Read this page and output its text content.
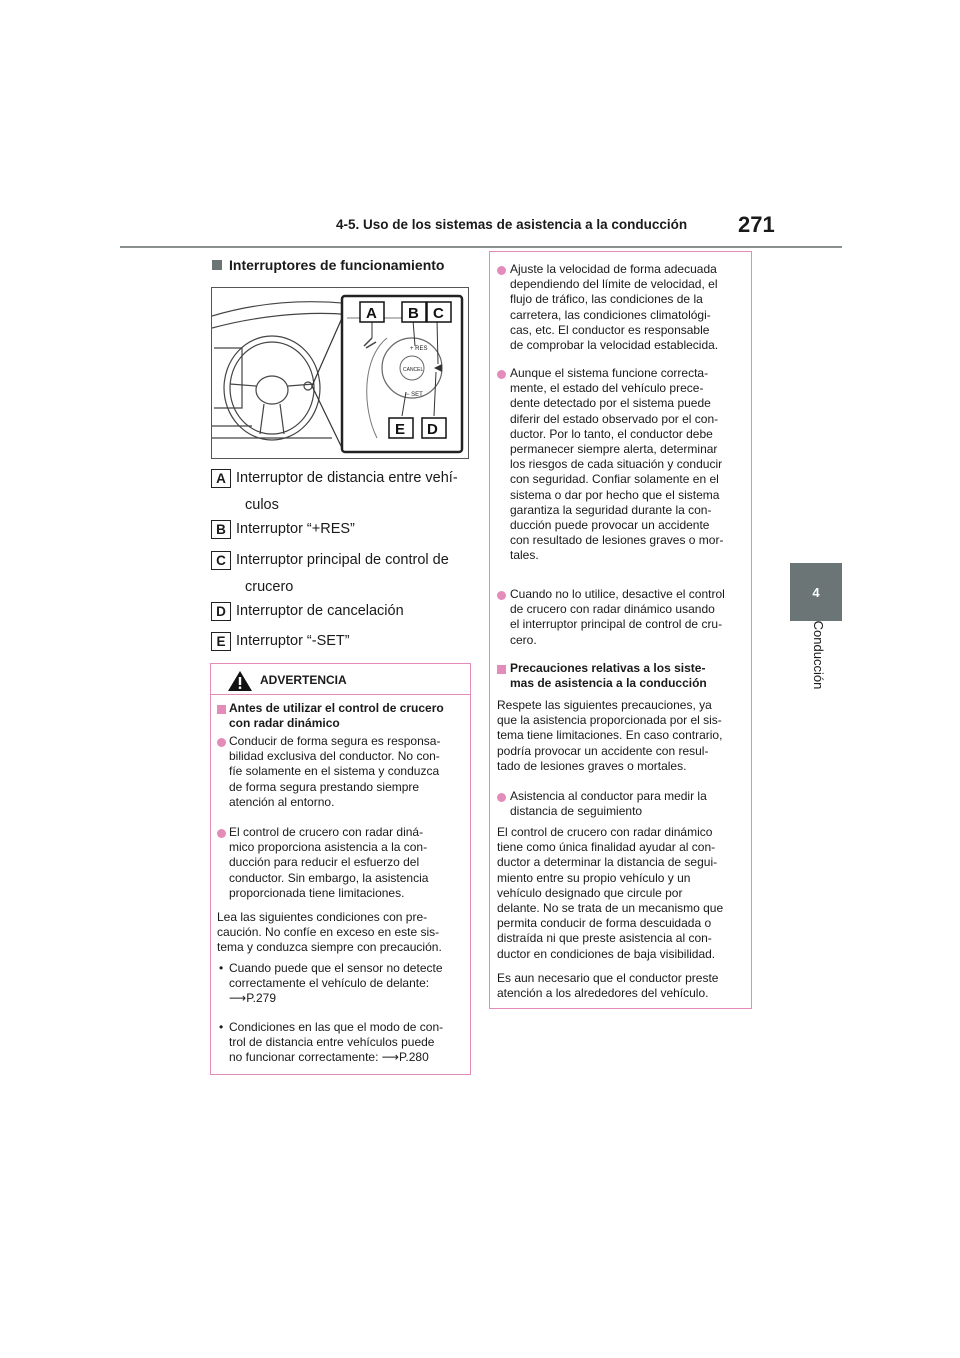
4-5. Uso de los sistemas de asistencia a la conducción 271
4
Conducción
Interruptores de funcionamiento
+ RES
CANCEL
− SET
A B C
E D
A Interruptor de distancia entre vehí-
culos
B Interruptor “+RES”
C Interruptor principal de control de
crucero
D Interruptor de cancelación
E Interruptor “-SET”
ADVERTENCIA
Antes de utilizar el control de crucero
con radar dinámico
Conducir de forma segura es responsa-
bilidad exclusiva del conductor. No con-
fíe solamente en el sistema y conduzca
de forma segura prestando siempre
atención al entorno.
El control de crucero con radar diná-
mico proporciona asistencia a la con-
ducción para reducir el esfuerzo del
conductor. Sin embargo, la asistencia
proporcionada tiene limitaciones.
Lea las siguientes condiciones con pre-
caución. No confíe en exceso en este sis-
tema y conduzca siempre con precaución.
• Cuando puede que el sensor no detecte
correctamente el vehículo de delante:
⟶P.279
• Condiciones en las que el modo de con-
trol de distancia entre vehículos puede
no funcionar correctamente: ⟶P.280
Ajuste la velocidad de forma adecuada
dependiendo del límite de velocidad, el
flujo de tráfico, las condiciones de la
carretera, las condiciones climatológi-
cas, etc. El conductor es responsable
de comprobar la velocidad establecida.
Aunque el sistema funcione correcta-
mente, el estado del vehículo prece-
dente detectado por el sistema puede
diferir del estado observado por el con-
ductor. Por lo tanto, el conductor debe
permanecer siempre alerta, determinar
los riesgos de cada situación y conducir
con seguridad. Confiar solamente en el
sistema o dar por hecho que el sistema
garantiza la seguridad durante la con-
ducción puede provocar un accidente
con resultado de lesiones graves o mor-
tales.
Cuando no lo utilice, desactive el control
de crucero con radar dinámico usando
el interruptor principal de control de cru-
cero.
Precauciones relativas a los siste-
mas de asistencia a la conducción
Respete las siguientes precauciones, ya
que la asistencia proporcionada por el sis-
tema tiene limitaciones. En caso contrario,
podría provocar un accidente con resul-
tado de lesiones graves o mortales.
Asistencia al conductor para medir la
distancia de seguimiento
El control de crucero con radar dinámico
tiene como única finalidad ayudar al con-
ductor a determinar la distancia de segui-
miento entre su propio vehículo y un
vehículo designado que circule por
delante. No se trata de un mecanismo que
permita conducir de forma descuidada o
distraída ni que preste asistencia al con-
ductor en condiciones de baja visibilidad.
Es aun necesario que el conductor preste
atención a los alrededores del vehículo.
